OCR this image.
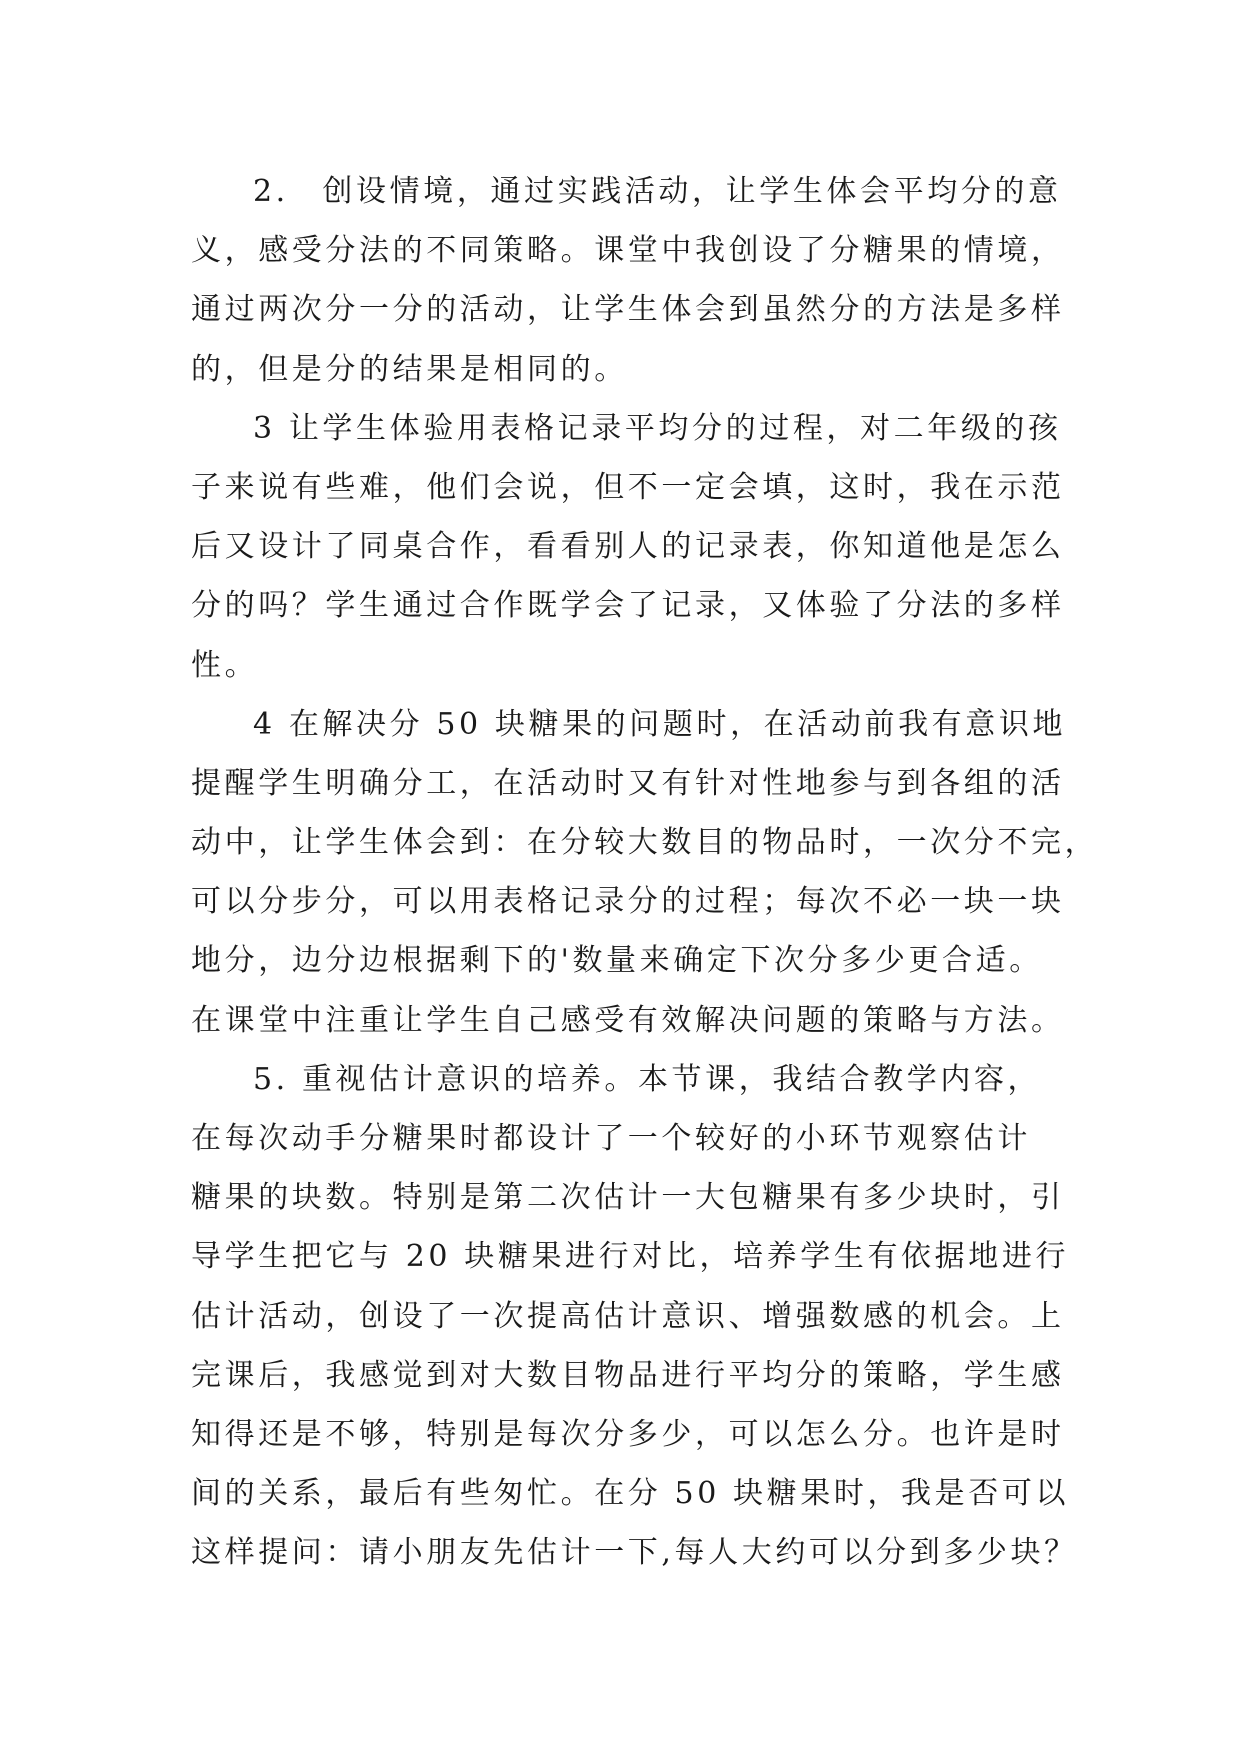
2.　创设情境，通过实践活动，让学生体会平均分的意
义，感受分法的不同策略。课堂中我创设了分糖果的情境，
通过两次分一分的活动，让学生体会到虽然分的方法是多样
的，但是分的结果是相同的。
3 让学生体验用表格记录平均分的过程，对二年级的孩
子来说有些难，他们会说，但不一定会填，这时，我在示范
后又设计了同桌合作，看看别人的记录表，你知道他是怎么
分的吗？学生通过合作既学会了记录，又体验了分法的多样
性。
4 在解决分 50 块糖果的问题时，在活动前我有意识地
提醒学生明确分工，在活动时又有针对性地参与到各组的活
动中，让学生体会到：在分较大数目的物品时，一次分不完，
可以分步分，可以用表格记录分的过程；每次不必一块一块
地分，边分边根据剩下的'数量来确定下次分多少更合适。
在课堂中注重让学生自己感受有效解决问题的策略与方法。
5. 重视估计意识的培养。本节课，我结合教学内容，
在每次动手分糖果时都设计了一个较好的小环节观察估计
糖果的块数。特别是第二次估计一大包糖果有多少块时，引
导学生把它与 20 块糖果进行对比，培养学生有依据地进行
估计活动，创设了一次提高估计意识、增强数感的机会。上
完课后，我感觉到对大数目物品进行平均分的策略，学生感
知得还是不够，特别是每次分多少，可以怎么分。也许是时
间的关系，最后有些匆忙。在分 50 块糖果时，我是否可以
这样提问：请小朋友先估计一下,每人大约可以分到多少块？
